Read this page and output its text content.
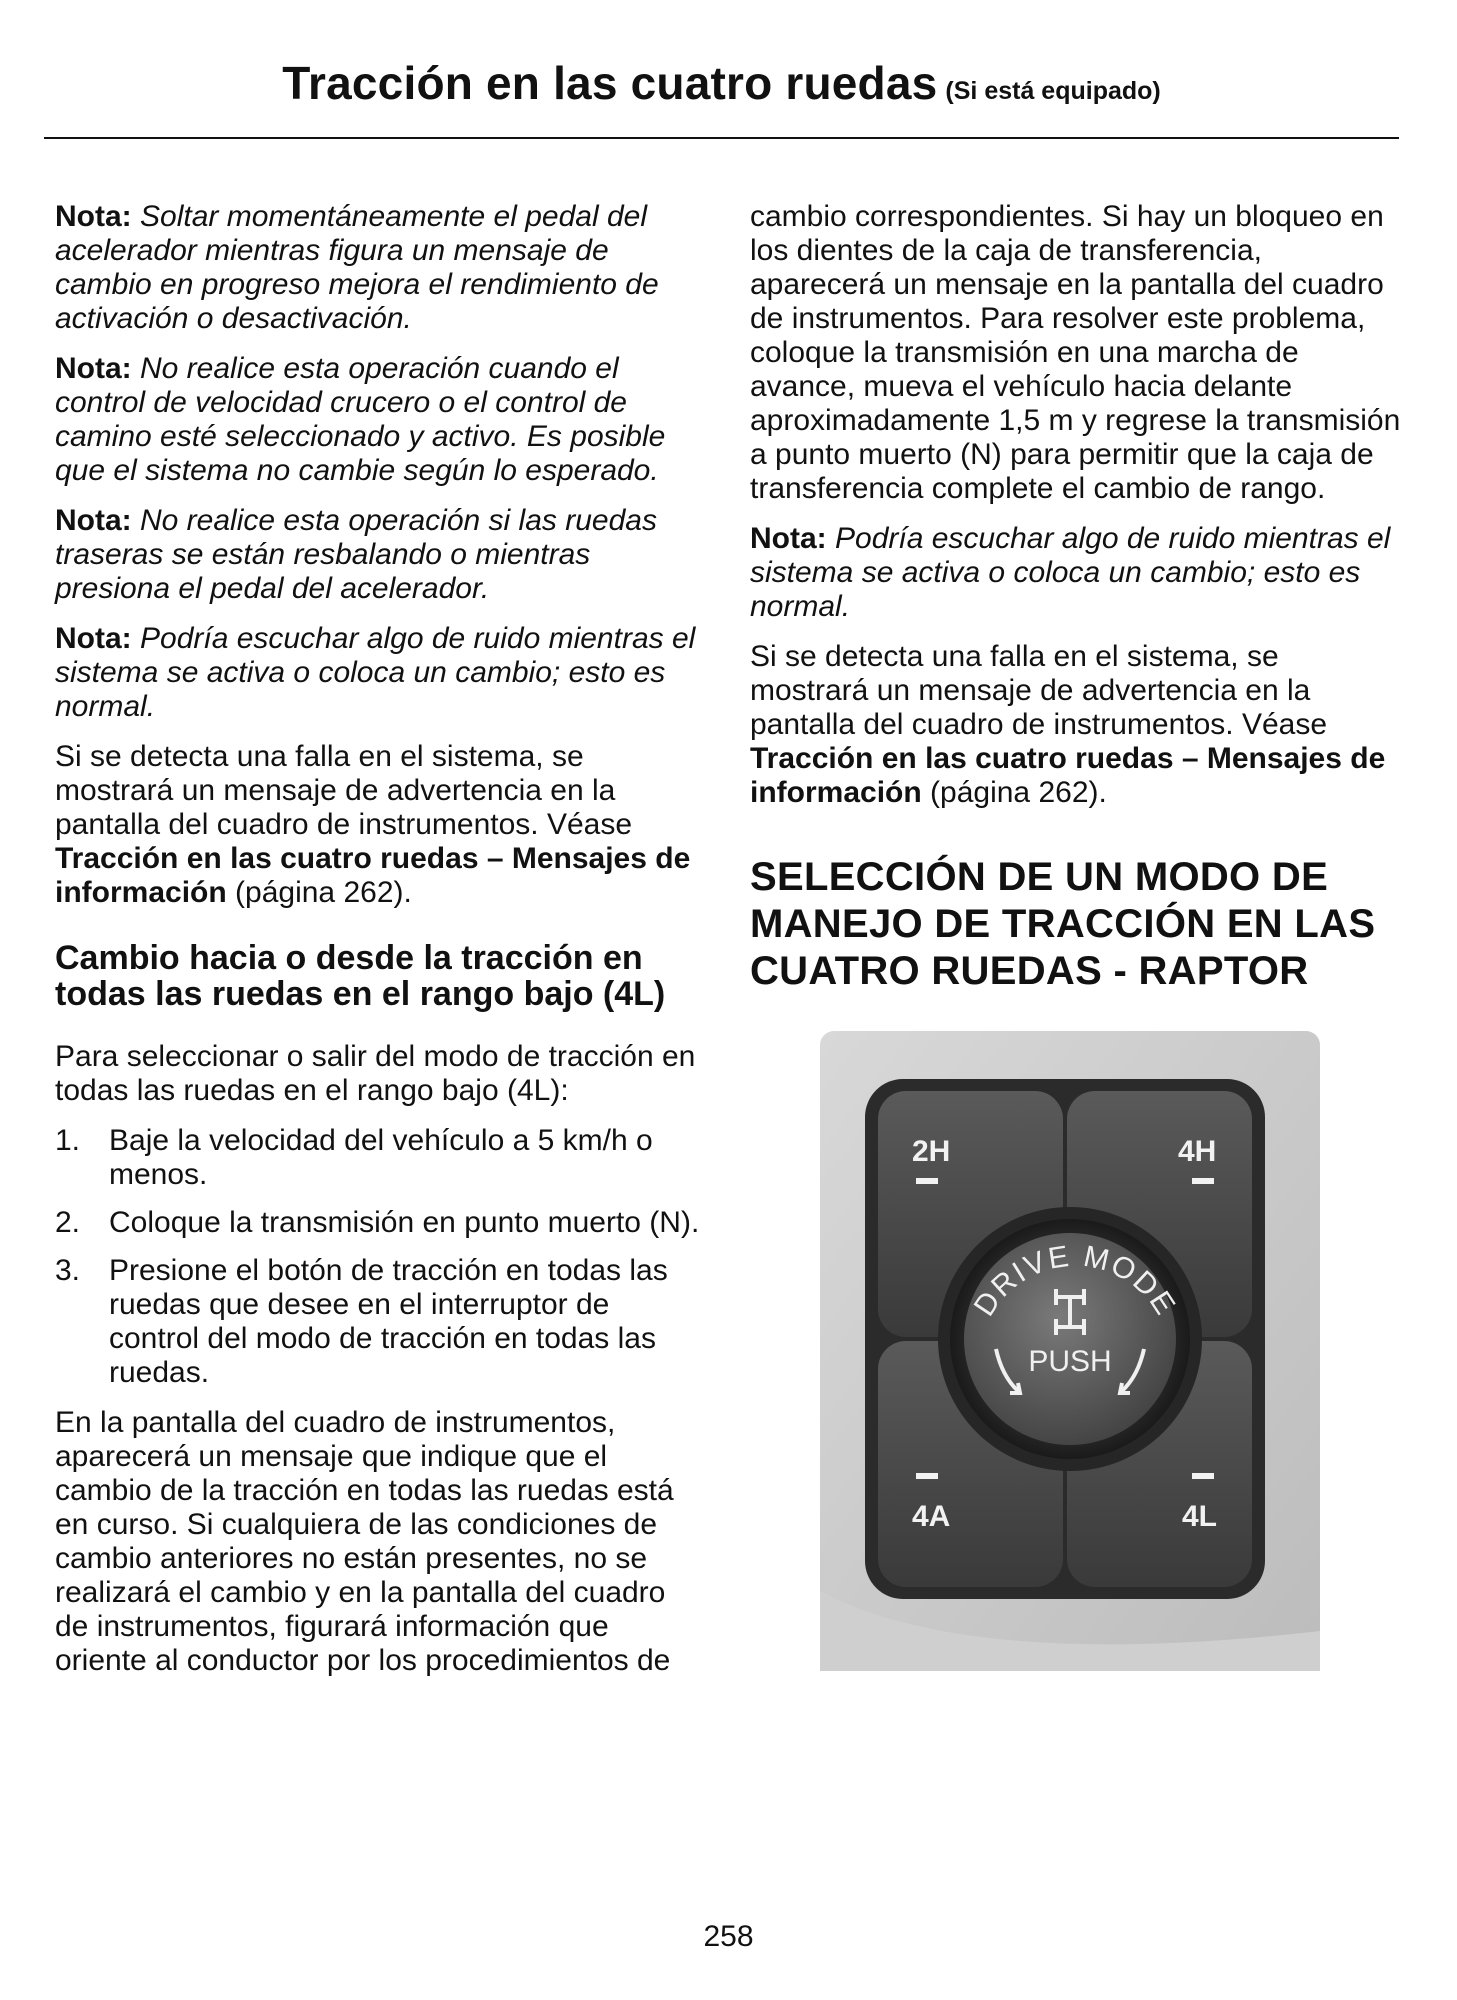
Tracción en las cuatro ruedas (Si está equipado)

Nota: Soltar momentáneamente el pedal del acelerador mientras figura un mensaje de cambio en progreso mejora el rendimiento de activación o desactivación.

Nota: No realice esta operación cuando el control de velocidad crucero o el control de camino esté seleccionado y activo. Es posible que el sistema no cambie según lo esperado.

Nota: No realice esta operación si las ruedas traseras se están resbalando o mientras presiona el pedal del acelerador.

Nota: Podría escuchar algo de ruido mientras el sistema se activa o coloca un cambio; esto es normal.

Si se detecta una falla en el sistema, se mostrará un mensaje de advertencia en la pantalla del cuadro de instrumentos. Véase Tracción en las cuatro ruedas – Mensajes de información (página 262).

Cambio hacia o desde la tracción en todas las ruedas en el rango bajo (4L)

Para seleccionar o salir del modo de tracción en todas las ruedas en el rango bajo (4L):

1. Baje la velocidad del vehículo a 5 km/h o menos.
2. Coloque la transmisión en punto muerto (N).
3. Presione el botón de tracción en todas las ruedas que desee en el interruptor de control del modo de tracción en todas las ruedas.

En la pantalla del cuadro de instrumentos, aparecerá un mensaje que indique que el cambio de la tracción en todas las ruedas está en curso. Si cualquiera de las condiciones de cambio anteriores no están presentes, no se realizará el cambio y en la pantalla del cuadro de instrumentos, figurará información que oriente al conductor por los procedimientos de

cambio correspondientes. Si hay un bloqueo en los dientes de la caja de transferencia, aparecerá un mensaje en la pantalla del cuadro de instrumentos. Para resolver este problema, coloque la transmisión en una marcha de avance, mueva el vehículo hacia delante aproximadamente 1,5 m y regrese la transmisión a punto muerto (N) para permitir que la caja de transferencia complete el cambio de rango.

Nota: Podría escuchar algo de ruido mientras el sistema se activa o coloca un cambio; esto es normal.

Si se detecta una falla en el sistema, se mostrará un mensaje de advertencia en la pantalla del cuadro de instrumentos. Véase Tracción en las cuatro ruedas – Mensajes de información (página 262).

SELECCIÓN DE UN MODO DE MANEJO DE TRACCIÓN EN LAS CUATRO RUEDAS - RAPTOR
2H	4H
4A	4L
DRIVE MODE
PUSH
258
